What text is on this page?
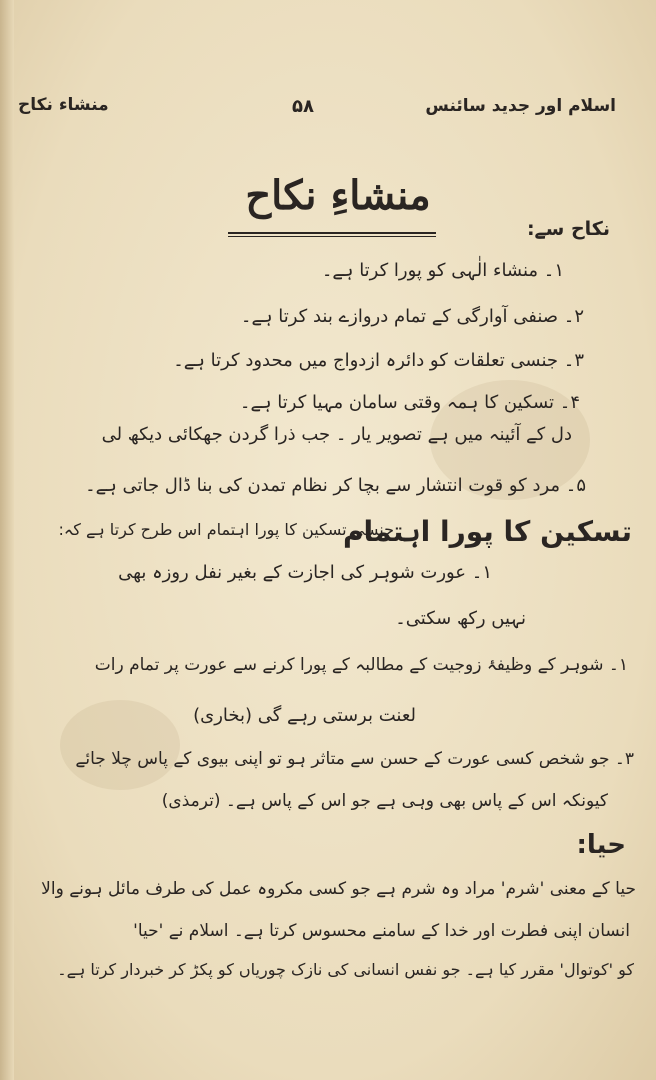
اسلام اور جدید سائنس
۵۸
منشاء نکاح
منشاءِ نکاح
نکاح سے:
۱۔ منشاء الٰہی کو پورا کرتا ہے۔
۲۔ صنفی آوارگی کے تمام دروازے بند کرتا ہے۔
۳۔ جنسی تعلقات کو دائرہ ازدواج میں محدود کرتا ہے۔
۴۔ تسکین کا ہمہ وقتی سامان مہیا کرتا ہے۔
دل کے آئینہ میں ہے تصویر یار ۔ جب ذرا گردن جھکائی دیکھ لی
۵۔ مرد کو قوت انتشار سے بچا کر نظام تمدن کی بنا ڈال جاتی ہے۔
تسکین کا پورا اہتمام
جنسی تسکین کا پورا اہتمام اس طرح کرتا ہے کہ:
۱۔ عورت شوہر کی اجازت کے بغیر نفل روزہ بھی
نہیں رکھ سکتی۔
۱۔ شوہر کے وظیفۂ زوجیت کے مطالبہ کے پورا کرنے سے عورت پر تمام رات
لعنت برستی رہے گی (بخاری)
۳۔ جو شخص کسی عورت کے حسن سے متاثر ہو تو اپنی بیوی کے پاس چلا جائے
کیونکہ اس کے پاس بھی وہی ہے جو اس کے پاس ہے۔ (ترمذی)
حیا:
حیا کے معنی 'شرم' مراد وہ شرم ہے جو کسی مکروہ عمل کی طرف مائل ہونے والا
انسان اپنی فطرت اور خدا کے سامنے محسوس کرتا ہے۔ اسلام نے 'حیا'
کو 'کوتوال' مقرر کیا ہے۔ جو نفس انسانی کی نازک چوریاں کو پکڑ کر خبردار کرتا ہے۔
